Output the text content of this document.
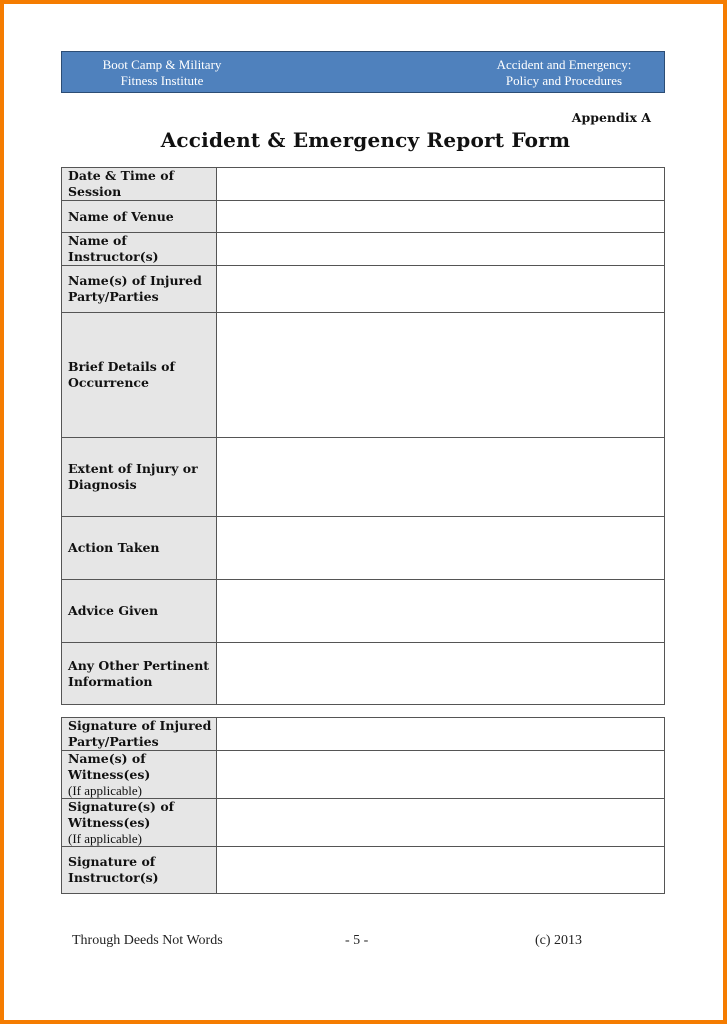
Boot Camp & Military
Fitness Institute
Accident and Emergency:
Policy and Procedures
Appendix A
Accident & Emergency Report Form
Date & Time of Session	
Name of Venue	
Name of Instructor(s)	
Name(s) of Injured Party/Parties	
Brief Details of Occurrence	
Extent of Injury or Diagnosis	
Action Taken	
Advice Given	
Any Other Pertinent Information	
Signature of Injured Party/Parties	
Name(s) of Witness(es)
(If applicable)	

Signature(s) of Witness(es)
(If applicable)	

Signature of Instructor(s)	
Through Deeds Not Words	- 5 -	(c) 2013
